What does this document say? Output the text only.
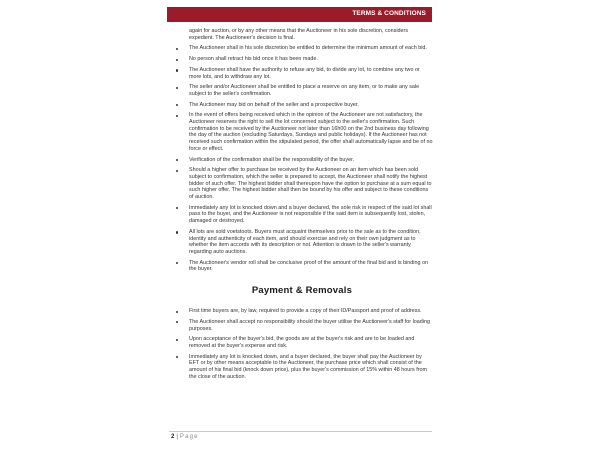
TERMS & CONDITIONS

again for auction, or by any other means that the Auctioneer in his sole discretion, considers expedient. The Auctioneer's decision is final.

The Auctioneer shall in his sole discretion be entitled to determine the minimum amount of each bid.
No person shall retract his bid once it has been made.
The Auctioneer shall have the authority to refuse any bid, to divide any lot, to combine any two or more lots, and to withdraw any lot.
The seller and/or Auctioneer shall be entitled to place a reserve on any item, or to make any sale subject to the seller's confirmation.
The Auctioneer may bid on behalf of the seller and a prospective buyer.
In the event of offers being received which in the opinion of the Auctioneer are not satisfactory, the Auctioneer reserves the right to sell the lot concerned subject to the seller's confirmation. Such confirmation to be received by the Auctioneer not later than 16h00 on the 2nd business day following the day of the auction (excluding Saturdays, Sundays and public holidays). If the Auctioneer has not received such confirmation within the stipulated period, the offer shall automatically lapse and be of no force or effect.
Verification of the confirmation shall be the responsibility of the buyer.
Should a higher offer to purchase be received by the Auctioneer on an item which has been sold subject to confirmation, which the seller is prepared to accept, the Auctioneer shall notify the highest bidder of such offer. The highest bidder shall thereupon have the option to purchase at a sum equal to such higher offer. The highest bidder shall then be bound by his offer and subject to these conditions of auction.
Immediately any lot is knocked down and a buyer declared, the sole risk in respect of the said lot shall pass to the buyer, and the Auctioneer is not responsible if the said item is subsequently lost, stolen, damaged or destroyed.
All lots are sold voetstoots. Buyers must acquaint themselves prior to the sale as to the condition, identity and authenticity of each item, and should exercise and rely on their own judgment as to whether the item accords with its description or not. Attention is drawn to the seller's warranty regarding auto auctions.
The Auctioneer's vendor roll shall be conclusive proof of the amount of the final bid and is binding on the buyer.
Payment & Removals
First time buyers are, by law, required to provide a copy of their ID/Passport and proof of address.
The Auctioneer shall accept no responsibility should the buyer utilise the Auctioneer's staff for loading purposes.
Upon acceptance of the buyer's bid, the goods are at the buyer's risk and are to be loaded and removed at the buyer's expense and risk.
Immediately any lot is knocked down, and a buyer declared, the buyer shall pay the Auctioneer by EFT or by other means acceptable to the Auctioneer, the purchase price which shall consist of the amount of his final bid (knock down price), plus the buyer's commission of 15% within 48 hours from the close of the auction.
2 | Page
